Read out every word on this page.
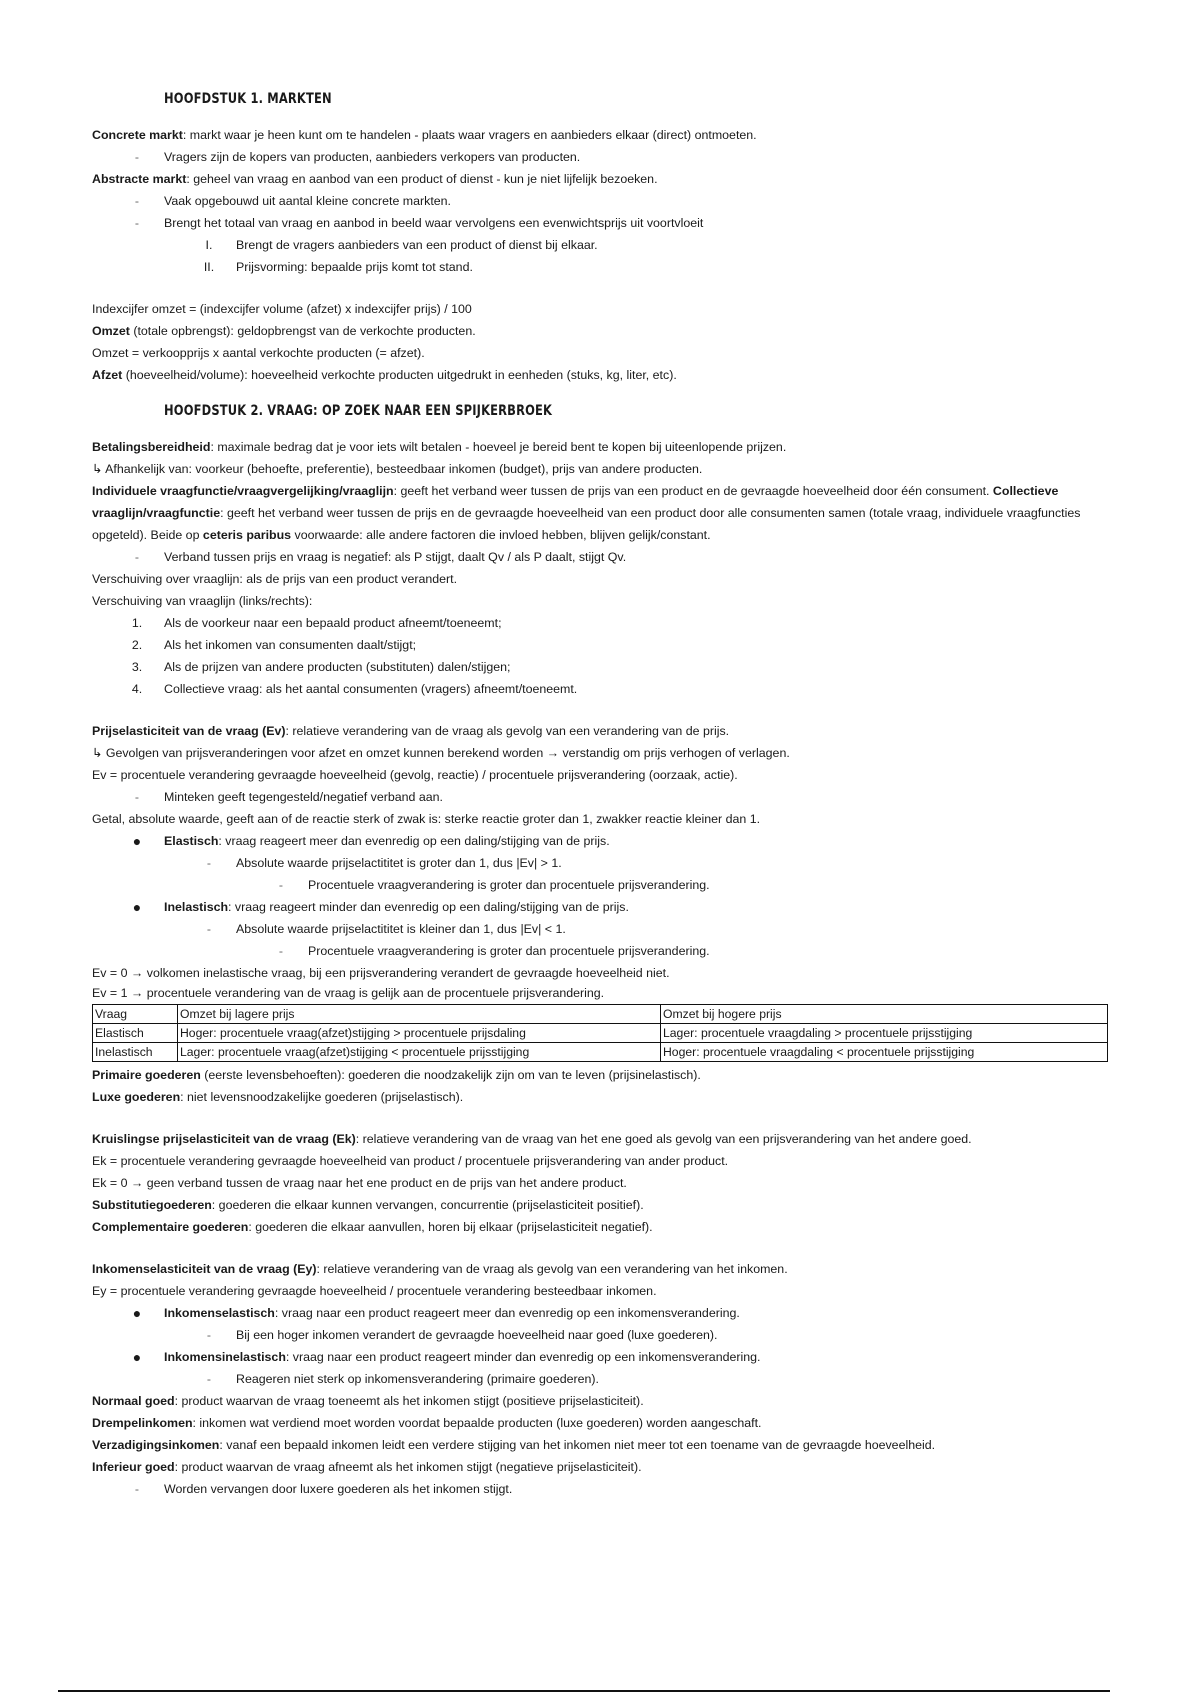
HOOFDSTUK 1. MARKTEN
Concrete markt: markt waar je heen kunt om te handelen - plaats waar vragers en aanbieders elkaar (direct) ontmoeten.
-	Vragers zijn de kopers van producten, aanbieders verkopers van producten.
Abstracte markt: geheel van vraag en aanbod van een product of dienst - kun je niet lijfelijk bezoeken.
-	Vaak opgebouwd uit aantal kleine concrete markten.
-	Brengt het totaal van vraag en aanbod in beeld waar vervolgens een evenwichtsprijs uit voortvloeit
I.	Brengt de vragers aanbieders van een product of dienst bij elkaar.
II.	Prijsvorming: bepaalde prijs komt tot stand.
Indexcijfer omzet = (indexcijfer volume (afzet) x indexcijfer prijs) / 100
Omzet (totale opbrengst): geldopbrengst van de verkochte producten.
Omzet = verkoopprijs x aantal verkochte producten (= afzet).
Afzet (hoeveelheid/volume): hoeveelheid verkochte producten uitgedrukt in eenheden (stuks, kg, liter, etc).
HOOFDSTUK 2. VRAAG: OP ZOEK NAAR EEN SPIJKERBROEK
Betalingsbereidheid: maximale bedrag dat je voor iets wilt betalen - hoeveel je bereid bent te kopen bij uiteenlopende prijzen.
↳ Afhankelijk van: voorkeur (behoefte, preferentie), besteedbaar inkomen (budget), prijs van andere producten.
Individuele vraagfunctie/vraagvergelijking/vraaglijn: geeft het verband weer tussen de prijs van een product en de gevraagde hoeveelheid door één consument. Collectieve vraaglijn/vraagfunctie: geeft het verband weer tussen de prijs en de gevraagde hoeveelheid van een product door alle consumenten samen (totale vraag, individuele vraagfuncties opgeteld). Beide op ceteris paribus voorwaarde: alle andere factoren die invloed hebben, blijven gelijk/constant.
-	Verband tussen prijs en vraag is negatief: als P stijgt, daalt Qv / als P daalt, stijgt Qv.
Verschuiving over vraaglijn: als de prijs van een product verandert.
Verschuiving van vraaglijn (links/rechts):
1.	Als de voorkeur naar een bepaald product afneemt/toeneemt;
2.	Als het inkomen van consumenten daalt/stijgt;
3.	Als de prijzen van andere producten (substituten) dalen/stijgen;
4.	Collectieve vraag: als het aantal consumenten (vragers) afneemt/toeneemt.
Prijselasticiteit van de vraag (Ev): relatieve verandering van de vraag als gevolg van een verandering van de prijs.
↳ Gevolgen van prijsveranderingen voor afzet en omzet kunnen berekend worden → verstandig om prijs verhogen of verlagen.
Ev = procentuele verandering gevraagde hoeveelheid (gevolg, reactie) / procentuele prijsverandering (oorzaak, actie).
-	Minteken geeft tegengesteld/negatief verband aan.
Getal, absolute waarde, geeft aan of de reactie sterk of zwak is: sterke reactie groter dan 1, zwakker reactie kleiner dan 1.
●	Elastisch: vraag reageert meer dan evenredig op een daling/stijging van de prijs.
-	Absolute waarde prijselactititet is groter dan 1, dus |Ev| > 1.
-	Procentuele vraagverandering is groter dan procentuele prijsverandering.
●	Inelastisch: vraag reageert minder dan evenredig op een daling/stijging van de prijs.
-	Absolute waarde prijselactititet is kleiner dan 1, dus |Ev| < 1.
-	Procentuele vraagverandering is groter dan procentuele prijsverandering.
Ev = 0 → volkomen inelastische vraag, bij een prijsverandering verandert de gevraagde hoeveelheid niet.
Ev = 1 → procentuele verandering van de vraag is gelijk aan de procentuele prijsverandering.
Vraag	Omzet bij lagere prijs	Omzet bij hogere prijs
Elastisch	Hoger: procentuele vraag(afzet)stijging > procentuele prijsdaling	Lager: procentuele vraagdaling > procentuele prijsstijging
Inelastisch	Lager: procentuele vraag(afzet)stijging < procentuele prijsstijging	Hoger: procentuele vraagdaling < procentuele prijsstijging
Primaire goederen (eerste levensbehoeften): goederen die noodzakelijk zijn om van te leven (prijsinelastisch).
Luxe goederen: niet levensnoodzakelijke goederen (prijselastisch).
Kruislingse prijselasticiteit van de vraag (Ek): relatieve verandering van de vraag van het ene goed als gevolg van een prijsverandering van het andere goed.
Ek = procentuele verandering gevraagde hoeveelheid van product / procentuele prijsverandering van ander product.
Ek = 0 → geen verband tussen de vraag naar het ene product en de prijs van het andere product.
Substitutiegoederen: goederen die elkaar kunnen vervangen, concurrentie (prijselasticiteit positief).
Complementaire goederen: goederen die elkaar aanvullen, horen bij elkaar (prijselasticiteit negatief).
Inkomenselasticiteit van de vraag (Ey): relatieve verandering van de vraag als gevolg van een verandering van het inkomen.
Ey = procentuele verandering gevraagde hoeveelheid / procentuele verandering besteedbaar inkomen.
●	Inkomenselastisch: vraag naar een product reageert meer dan evenredig op een inkomensverandering.
-	Bij een hoger inkomen verandert de gevraagde hoeveelheid naar goed (luxe goederen).
●	Inkomensinelastisch: vraag naar een product reageert minder dan evenredig op een inkomensverandering.
-	Reageren niet sterk op inkomensverandering (primaire goederen).
Normaal goed: product waarvan de vraag toeneemt als het inkomen stijgt (positieve prijselasticiteit).
Drempelinkomen: inkomen wat verdiend moet worden voordat bepaalde producten (luxe goederen) worden aangeschaft.
Verzadigingsinkomen: vanaf een bepaald inkomen leidt een verdere stijging van het inkomen niet meer tot een toename van de gevraagde hoeveelheid.
Inferieur goed: product waarvan de vraag afneemt als het inkomen stijgt (negatieve prijselasticiteit).
-	Worden vervangen door luxere goederen als het inkomen stijgt.
